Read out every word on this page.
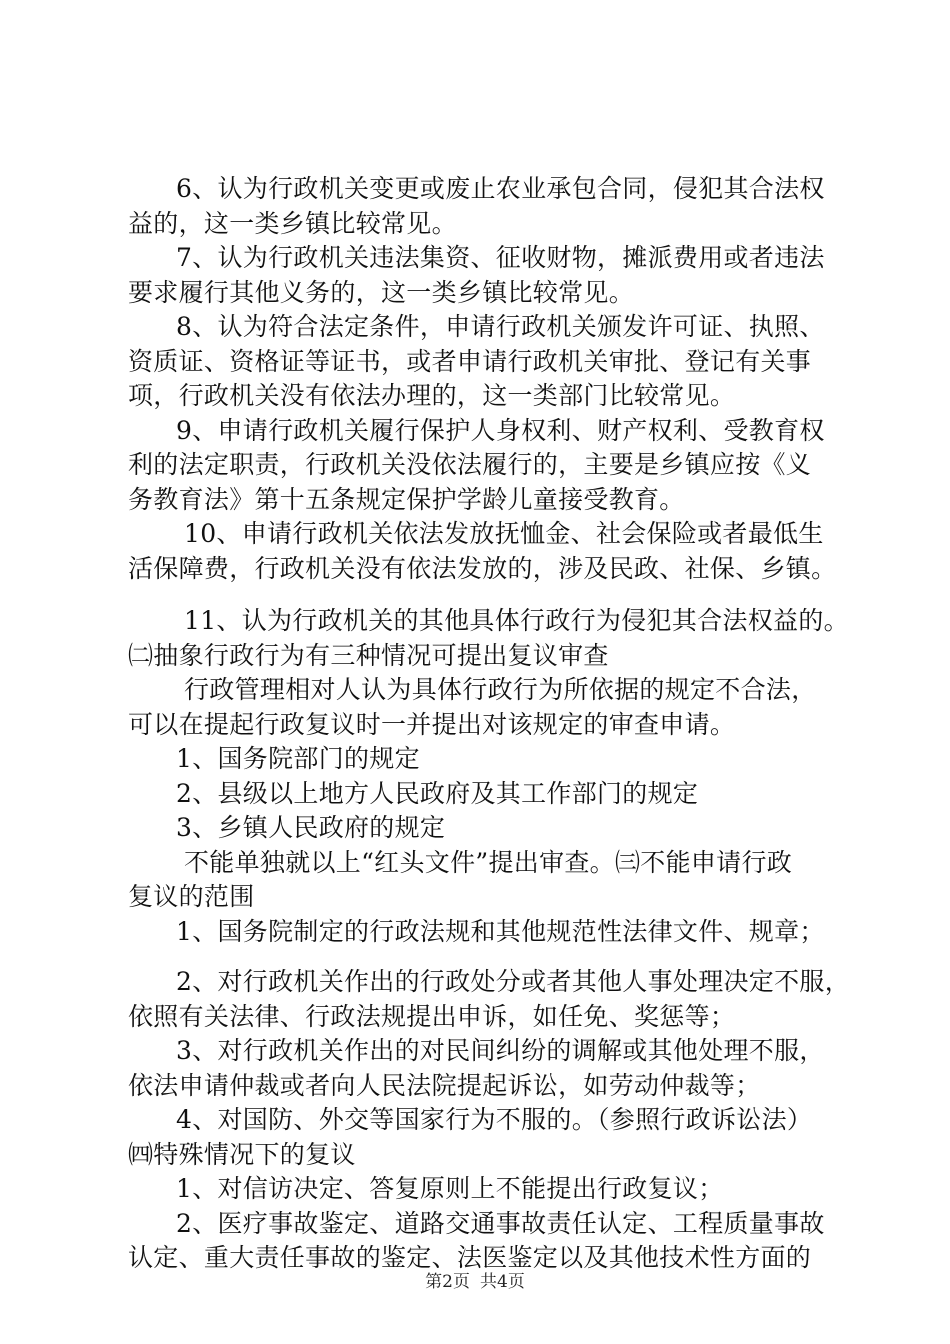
6、认为行政机关变更或废止农业承包合同，侵犯其合法权
益的，这一类乡镇比较常见。
7、认为行政机关违法集资、征收财物，摊派费用或者违法
要求履行其他义务的，这一类乡镇比较常见。
8、认为符合法定条件，申请行政机关颁发许可证、执照、
资质证、资格证等证书，或者申请行政机关审批、登记有关事
项，行政机关没有依法办理的，这一类部门比较常见。
9、申请行政机关履行保护人身权利、财产权利、受教育权
利的法定职责，行政机关没依法履行的，主要是乡镇应按《义
务教育法》第十五条规定保护学龄儿童接受教育。
10、申请行政机关依法发放抚恤金、社会保险或者最低生
活保障费，行政机关没有依法发放的，涉及民政、社保、乡镇。
11、认为行政机关的其他具体行政行为侵犯其合法权益的。
㈡抽象行政行为有三种情况可提出复议审查
行政管理相对人认为具体行政行为所依据的规定不合法，
可以在提起行政复议时一并提出对该规定的审查申请。
1、国务院部门的规定
2、县级以上地方人民政府及其工作部门的规定
3、乡镇人民政府的规定
不能单独就以上“红头文件”提出审查。㈢不能申请行政
复议的范围
1、国务院制定的行政法规和其他规范性法律文件、规章；
2、对行政机关作出的行政处分或者其他人事处理决定不服，
依照有关法律、行政法规提出申诉，如任免、奖惩等；
3、对行政机关作出的对民间纠纷的调解或其他处理不服，
依法申请仲裁或者向人民法院提起诉讼，如劳动仲裁等；
4、对国防、外交等国家行为不服的。（参照行政诉讼法）
㈣特殊情况下的复议
1、对信访决定、答复原则上不能提出行政复议；
2、医疗事故鉴定、道路交通事故责任认定、工程质量事故
认定、重大责任事故的鉴定、法医鉴定以及其他技术性方面的
第2页 共4页
